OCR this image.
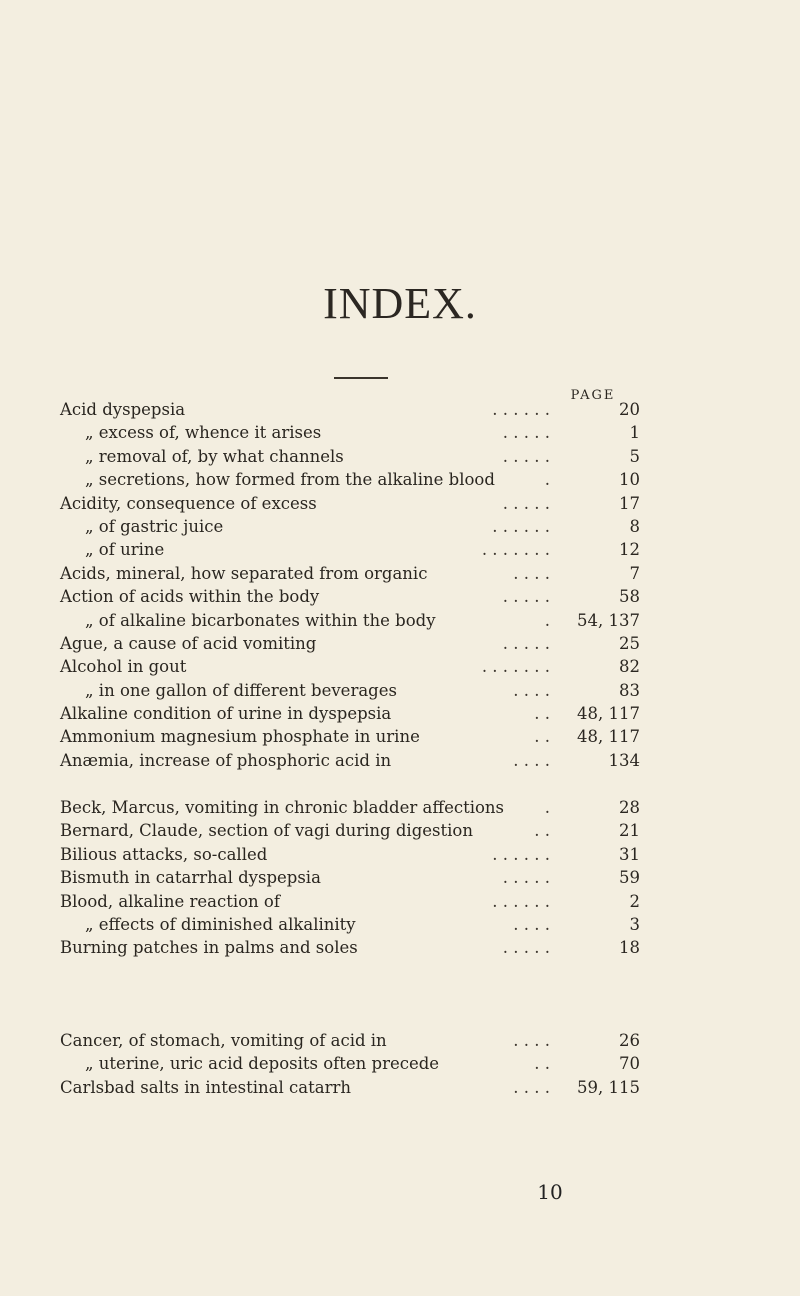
INDEX.
PAGE
Acid dyspepsia	. . . . . .	20
„ excess of, whence it arises	. . . . .	1
„ removal of, by what channels	. . . . .	5
„ secretions, how formed from the alkaline blood	.	10
Acidity, consequence of excess	. . . . .	17
„ of gastric juice	. . . . . .	8
„ of urine	. . . . . . .	12
Acids, mineral, how separated from organic	. . . .	7
Action of acids within the body	. . . . .	58
„ of alkaline bicarbonates within the body	.	54, 137
Ague, a cause of acid vomiting	. . . . .	25
Alcohol in gout	. . . . . . .	82
„ in one gallon of different beverages	. . . .	83
Alkaline condition of urine in dyspepsia	. .	48, 117
Ammonium magnesium phosphate in urine	. .	48, 117
Anæmia, increase of phosphoric acid in	. . . .	134
Beck, Marcus, vomiting in chronic bladder affections .	28
Bernard, Claude, section of vagi during digestion	. .	21
Bilious attacks, so-called	. . . . . .	31
Bismuth in catarrhal dyspepsia	. . . . .	59
Blood, alkaline reaction of	. . . . . .	2
„ effects of diminished alkalinity	. . . .	3
Burning patches in palms and soles	. . . . .	18
Cancer, of stomach, vomiting of acid in	. . . .	26
„ uterine, uric acid deposits often precede	. .	70
Carlsbad salts in intestinal catarrh	. . . .	59, 115
10
